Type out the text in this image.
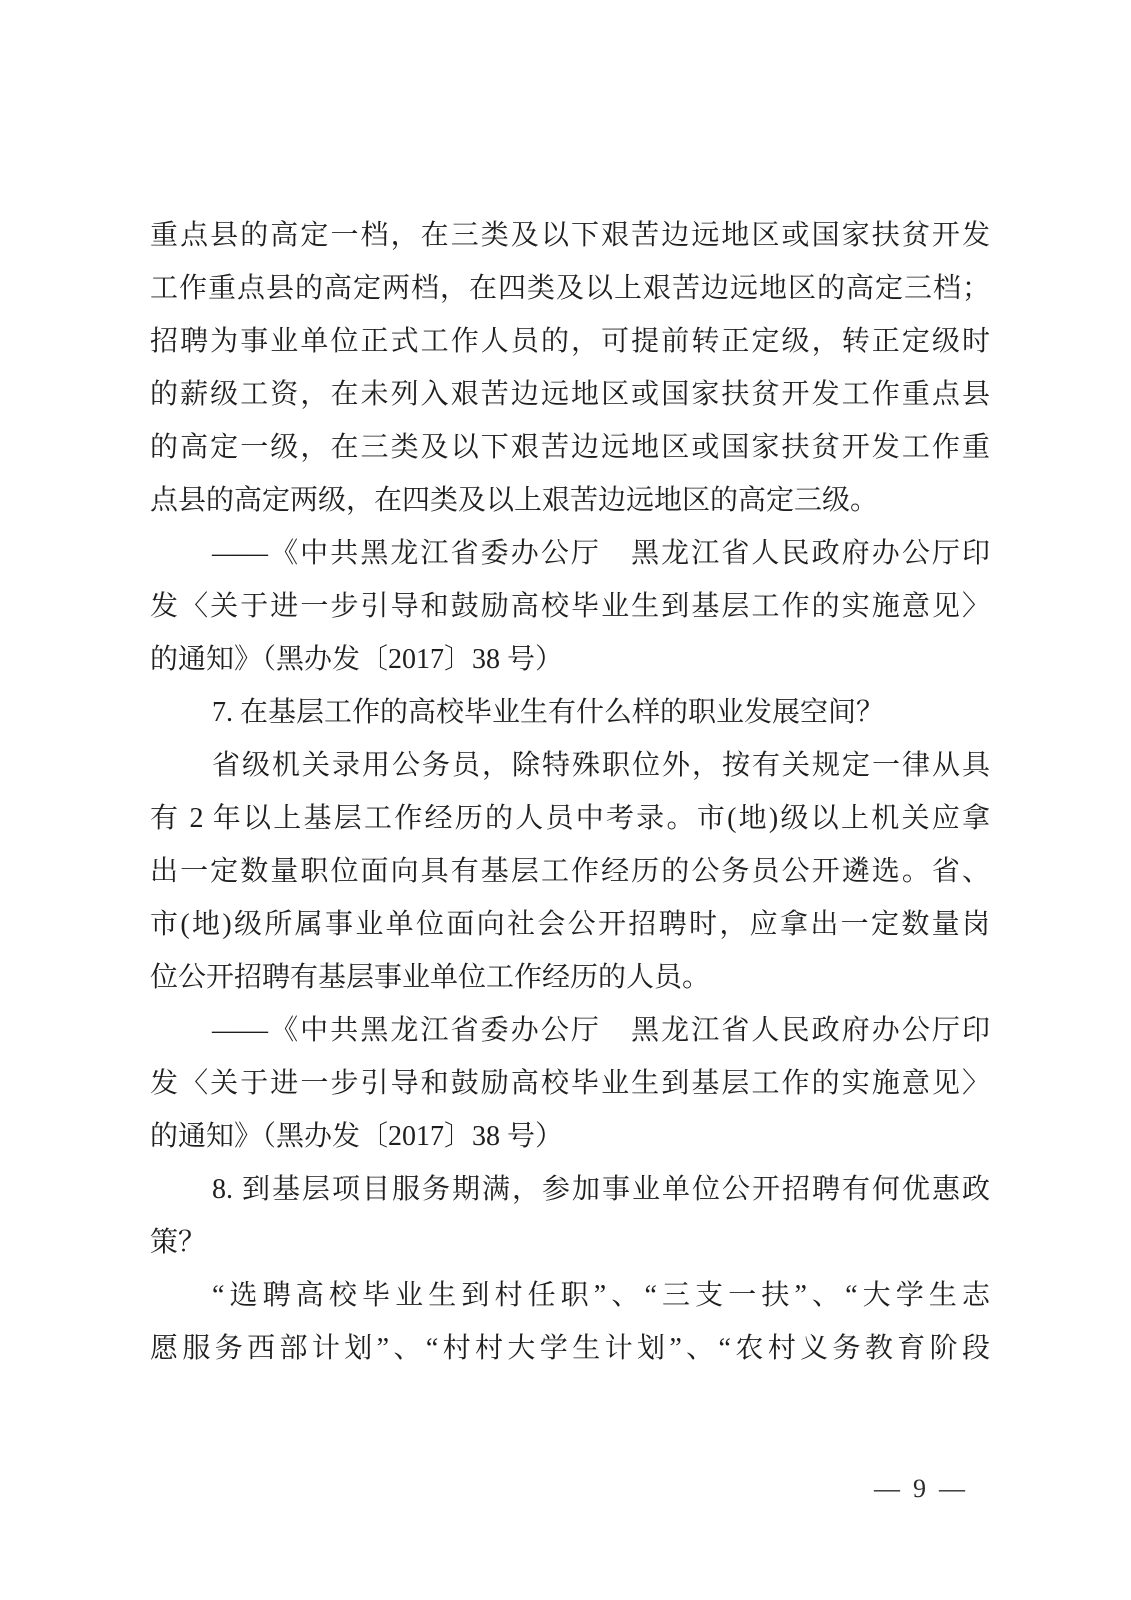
重点县的高定一档，在三类及以下艰苦边远地区或国家扶贫开发
工作重点县的高定两档，在四类及以上艰苦边远地区的高定三档；
招聘为事业单位正式工作人员的，可提前转正定级，转正定级时
的薪级工资，在未列入艰苦边远地区或国家扶贫开发工作重点县
的高定一级，在三类及以下艰苦边远地区或国家扶贫开发工作重
点县的高定两级，在四类及以上艰苦边远地区的高定三级。
——《中共黑龙江省委办公厅　黑龙江省人民政府办公厅印
发〈关于进一步引导和鼓励高校毕业生到基层工作的实施意见〉
的通知》（黑办发〔2017〕38 号）
7. 在基层工作的高校毕业生有什么样的职业发展空间？
省级机关录用公务员，除特殊职位外，按有关规定一律从具
有 2 年以上基层工作经历的人员中考录。市(地)级以上机关应拿
出一定数量职位面向具有基层工作经历的公务员公开遴选。省、
市(地)级所属事业单位面向社会公开招聘时，应拿出一定数量岗
位公开招聘有基层事业单位工作经历的人员。
——《中共黑龙江省委办公厅　黑龙江省人民政府办公厅印
发〈关于进一步引导和鼓励高校毕业生到基层工作的实施意见〉
的通知》（黑办发〔2017〕38 号）
8. 到基层项目服务期满，参加事业单位公开招聘有何优惠政
策？
“选聘高校毕业生到村任职”、“三支一扶”、“大学生志
愿服务西部计划”、“村村大学生计划”、“农村义务教育阶段
— 9 —
